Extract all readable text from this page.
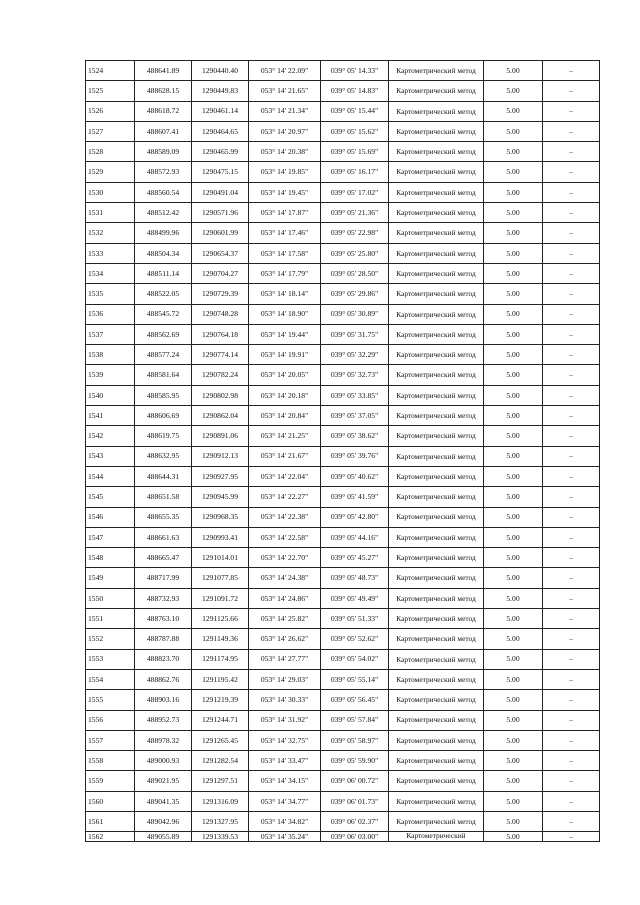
1524	488641.89	1290440.40	053° 14' 22.09"	039° 05' 14.33"	Картометрический метод	5.00	–
1525	488628.15	1290449.83	053° 14' 21.65"	039° 05' 14.83"	Картометрический метод	5.00	–
1526	488618.72	1290461.14	053° 14' 21.34"	039° 05' 15.44"	Картометрический метод	5.00	–
1527	488607.41	1290464.65	053° 14' 20.97"	039° 05' 15.62"	Картометрический метод	5.00	–
1528	488589.09	1290465.99	053° 14' 20.38"	039° 05' 15.69"	Картометрический метод	5.00	–
1529	488572.93	1290475.15	053° 14' 19.85"	039° 05' 16.17"	Картометрический метод	5.00	–
1530	488560.54	1290491.04	053° 14' 19.45"	039° 05' 17.02"	Картометрический метод	5.00	–
1531	488512.42	1290571.96	053° 14' 17.87"	039° 05' 21.36"	Картометрический метод	5.00	–
1532	488499.96	1290601.99	053° 14' 17.46"	039° 05' 22.98"	Картометрический метод	5.00	–
1533	488504.34	1290654.37	053° 14' 17.58"	039° 05' 25.80"	Картометрический метод	5.00	–
1534	488511.14	1290704.27	053° 14' 17.79"	039° 05' 28.50"	Картометрический метод	5.00	–
1535	488522.05	1290729.39	053° 14' 18.14"	039° 05' 29.86"	Картометрический метод	5.00	–
1536	488545.72	1290748.28	053° 14' 18.90"	039° 05' 30.89"	Картометрический метод	5.00	–
1537	488562.69	1290764.18	053° 14' 19.44"	039° 05' 31.75"	Картометрический метод	5.00	–
1538	488577.24	1290774.14	053° 14' 19.91"	039° 05' 32.29"	Картометрический метод	5.00	–
1539	488581.64	1290782.24	053° 14' 20.05"	039° 05' 32.73"	Картометрический метод	5.00	–
1540	488585.95	1290802.98	053° 14' 20.18"	039° 05' 33.85"	Картометрический метод	5.00	–
1541	488606.69	1290862.04	053° 14' 20.84"	039° 05' 37.05"	Картометрический метод	5.00	–
1542	488619.75	1290891.06	053° 14' 21.25"	039° 05' 38.62"	Картометрический метод	5.00	–
1543	488632.95	1290912.13	053° 14' 21.67"	039° 05' 39.76"	Картометрический метод	5.00	–
1544	488644.31	1290927.95	053° 14' 22.04"	039° 05' 40.62"	Картометрический метод	5.00	–
1545	488651.58	1290945.99	053° 14' 22.27"	039° 05' 41.59"	Картометрический метод	5.00	–
1546	488655.35	1290968.35	053° 14' 22.38"	039° 05' 42.80"	Картометрический метод	5.00	–
1547	488661.63	1290993.41	053° 14' 22.58"	039° 05' 44.16"	Картометрический метод	5.00	–
1548	488665.47	1291014.01	053° 14' 22.70"	039° 05' 45.27"	Картометрический метод	5.00	–
1549	488717.99	1291077.85	053° 14' 24.38"	039° 05' 48.73"	Картометрический метод	5.00	–
1550	488732.93	1291091.72	053° 14' 24.86"	039° 05' 49.49"	Картометрический метод	5.00	–
1551	488763.10	1291125.66	053° 14' 25.82"	039° 05' 51.33"	Картометрический метод	5.00	–
1552	488787.88	1291149.36	053° 14' 26.62"	039° 05' 52.62"	Картометрический метод	5.00	–
1553	488823.70	1291174.95	053° 14' 27.77"	039° 05' 54.02"	Картометрический метод	5.00	–
1554	488862.76	1291195.42	053° 14' 29.03"	039° 05' 55.14"	Картометрический метод	5.00	–
1555	488903.16	1291219.39	053° 14' 30.33"	039° 05' 56.45"	Картометрический метод	5.00	–
1556	488952.73	1291244.71	053° 14' 31.92"	039° 05' 57.84"	Картометрический метод	5.00	–
1557	488978.32	1291265.45	053° 14' 32.75"	039° 05' 58.97"	Картометрический метод	5.00	–
1558	489000.93	1291282.54	053° 14' 33.47"	039° 05' 59.90"	Картометрический метод	5.00	–
1559	489021.95	1291297.51	053° 14' 34.15"	039° 06' 00.72"	Картометрический метод	5.00	–
1560	489041.35	1291316.09	053° 14' 34.77"	039° 06' 01.73"	Картометрический метод	5.00	–
1561	489042.96	1291327.95	053° 14' 34.82"	039° 06' 02.37"	Картометрический метод	5.00	–
1562	489055.89	1291339.53	053° 14' 35.24"	039° 06' 03.00"	Картометрический	5.00	–
